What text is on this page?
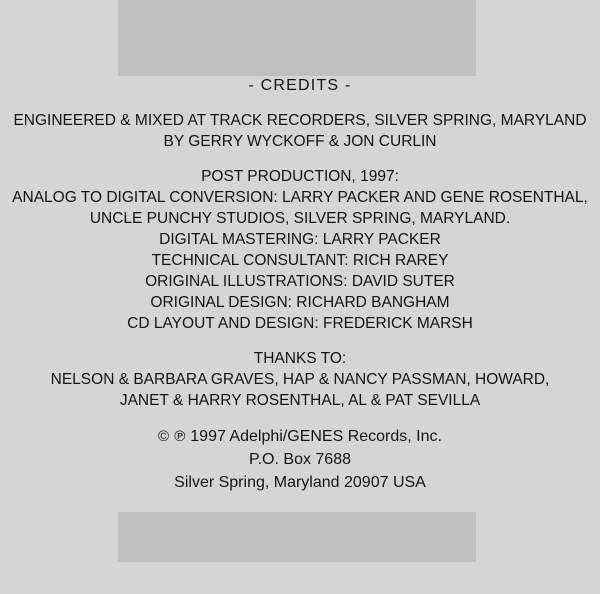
- CREDITS -
ENGINEERED & MIXED AT TRACK RECORDERS, SILVER SPRING, MARYLAND
BY GERRY WYCKOFF & JON CURLIN
POST PRODUCTION, 1997:
ANALOG TO DIGITAL CONVERSION: LARRY PACKER AND GENE ROSENTHAL,
UNCLE PUNCHY STUDIOS, SILVER SPRING, MARYLAND.
DIGITAL MASTERING: LARRY PACKER
TECHNICAL CONSULTANT: RICH RAREY
ORIGINAL ILLUSTRATIONS: DAVID SUTER
ORIGINAL DESIGN: RICHARD BANGHAM
CD LAYOUT AND DESIGN: FREDERICK MARSH
THANKS TO:
NELSON & BARBARA GRAVES, HAP & NANCY PASSMAN, HOWARD,
JANET & HARRY ROSENTHAL, AL & PAT SEVILLA
© ℗ 1997 Adelphi/GENES Records, Inc.
P.O. Box 7688
Silver Spring, Maryland 20907 USA
